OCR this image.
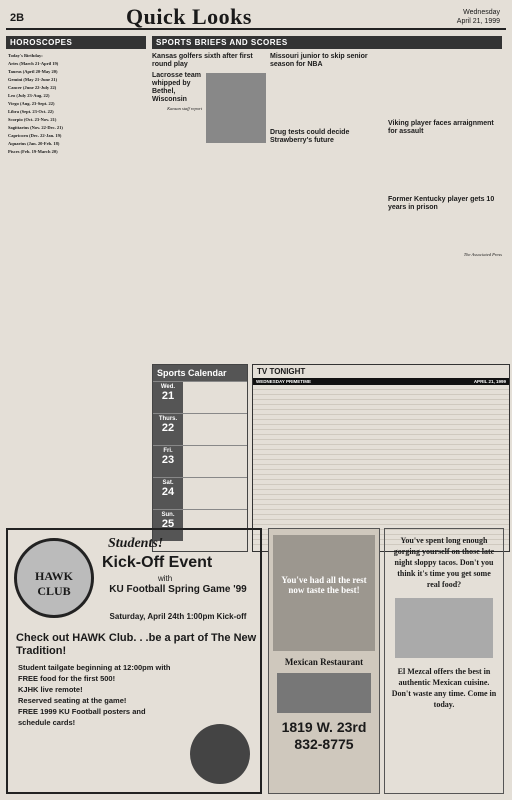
2B	Quick Looks	Wednesday
April 21, 1999
HOROSCOPES
Today's Birthday:
Aries (March 21-April 19)
Taurus (April 20-May 20)
Gemini (May 21-June 21)
Cancer (June 22-July 22)
Leo (July 23-Aug. 22)
Virgo (Aug. 23-Sept. 22)
Libra (Sept. 23-Oct. 22)
Scorpio (Oct. 23-Nov. 21)
Sagittarius (Nov. 22-Dec. 21)
Capricorn (Dec. 22-Jan. 19)
Aquarius (Jan. 20-Feb. 18)
Pisces (Feb. 19-March 20)
SPORTS BRIEFS AND SCORES
Kansas golfers sixth after first round play
Lacrosse team whipped by Bethel, Wisconsin
Kansan staff report
Missouri junior to skip senior season for NBA
Drug tests could decide Strawberry's future
Viking player faces arraignment for assault
Former Kentucky player gets 10 years in prison
The Associated Press
Sports Calendar
Wed.
21
Thurs.
22
Fri.
23
Sat.
24
Sun.
25
TV TONIGHT
WEDNESDAY PRIMETIME	APRIL 21, 1999
HAWK CLUB
Students!
Kick-Off Event
with
KU Football Spring Game '99
Saturday, April 24th 1:00pm Kick-off
Check out HAWK Club. . .be a part of The New Tradition!
Student tailgate beginning at 12:00pm with FREE food for the first 500!
KJHK live remote!
Reserved seating at the game!
FREE 1999 KU Football posters and schedule cards!
You've had all the rest now taste the best!
Mexican Restaurant
1819 W. 23rd
832-8775
You've spent long enough gorging yourself on those late night sloppy tacos. Don't you think it's time you get some real food?
El Mezcal offers the best in authentic Mexican cuisine. Don't waste any time. Come in today.
